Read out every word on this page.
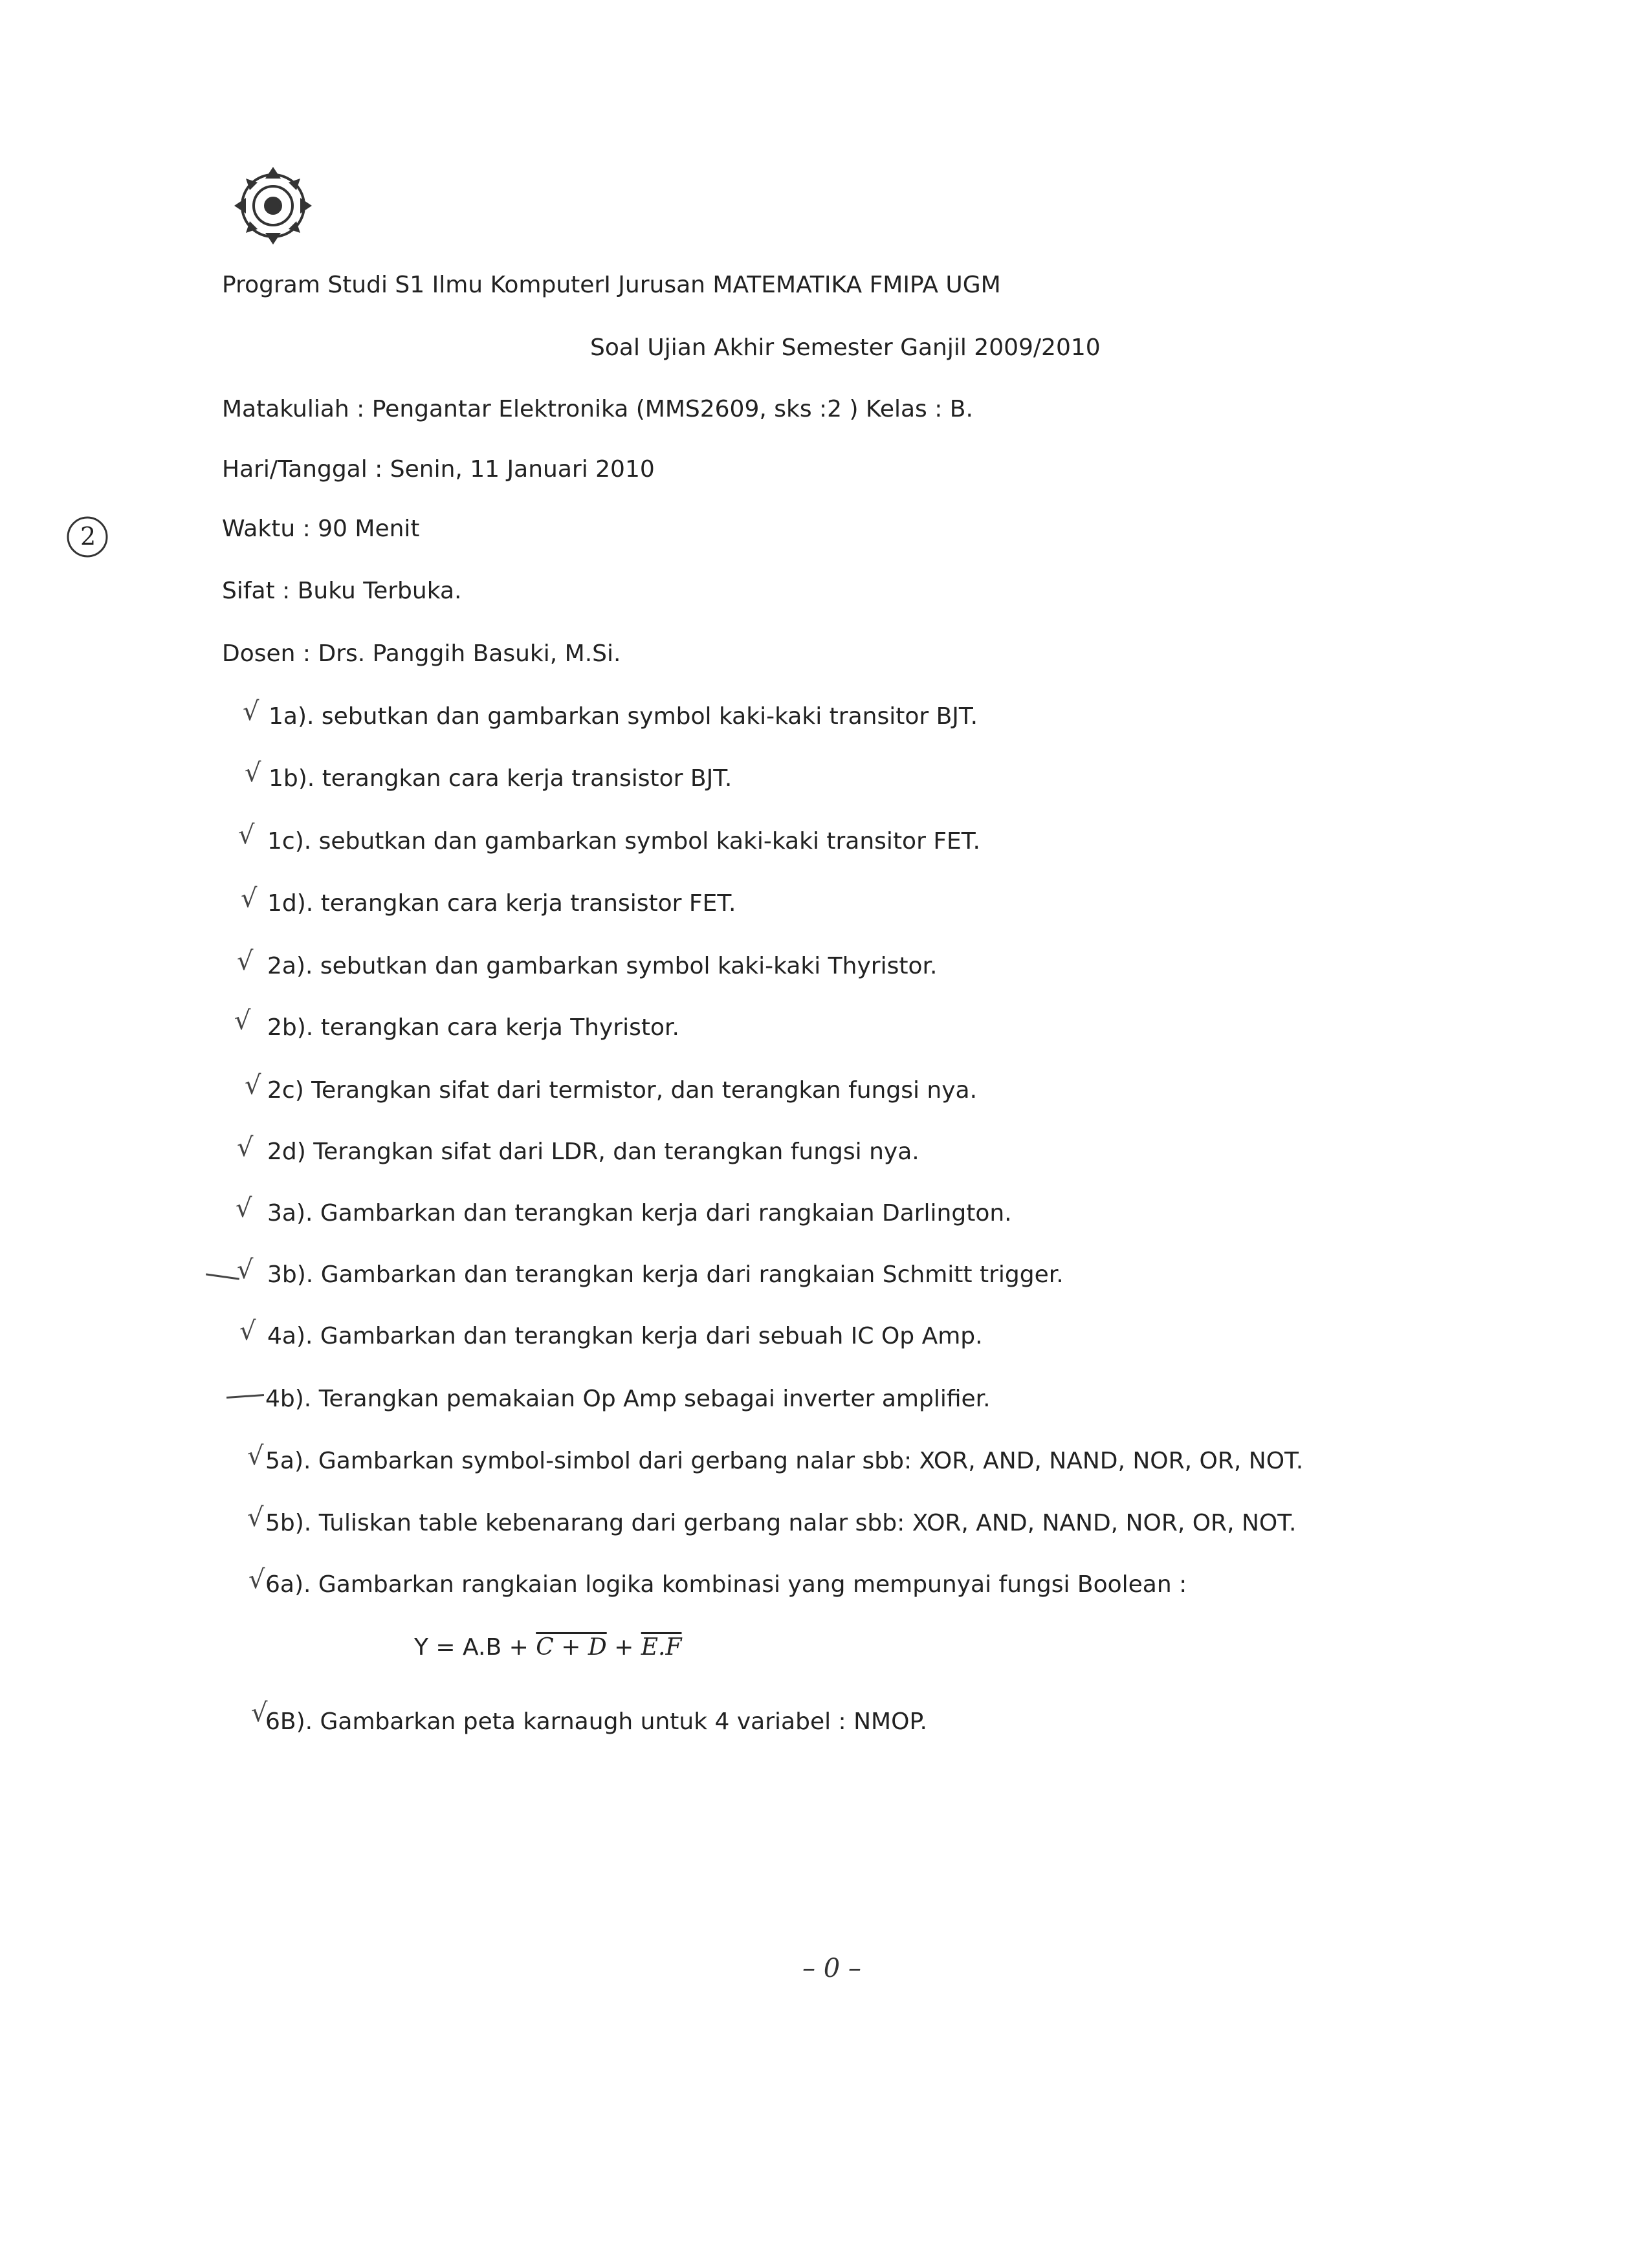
2
Program Studi S1 Ilmu KomputerI Jurusan MATEMATIKA FMIPA UGM
Soal Ujian Akhir Semester Ganjil 2009/2010
Matakuliah : Pengantar Elektronika (MMS2609, sks :2 ) Kelas : B.
Hari/Tanggal : Senin, 11 Januari 2010
Waktu : 90 Menit
Sifat : Buku Terbuka.
Dosen : Drs. Panggih Basuki, M.Si.
√ 1a). sebutkan dan gambarkan symbol kaki-kaki transitor BJT.
√ 1b). terangkan cara kerja transistor BJT.
√ 1c). sebutkan dan gambarkan symbol kaki-kaki transitor FET.
√ 1d). terangkan cara kerja transistor FET.
√ 2a). sebutkan dan gambarkan symbol kaki-kaki Thyristor.
√ 2b). terangkan cara kerja Thyristor.
√ 2c) Terangkan sifat dari termistor, dan terangkan fungsi nya.
√ 2d) Terangkan sifat dari LDR, dan terangkan fungsi nya.
√ 3a). Gambarkan dan terangkan kerja dari rangkaian Darlington.
√ 3b). Gambarkan dan terangkan kerja dari rangkaian Schmitt trigger.
√ 4a). Gambarkan dan terangkan kerja dari sebuah IC Op Amp.
4b). Terangkan pemakaian Op Amp sebagai inverter amplifier.
√ 5a). Gambarkan symbol-simbol dari gerbang nalar sbb: XOR, AND, NAND, NOR, OR, NOT.
√ 5b). Tuliskan table kebenarang dari gerbang nalar sbb: XOR, AND, NAND, NOR, OR, NOT.
√ 6a). Gambarkan rangkaian logika kombinasi yang mempunyai fungsi Boolean :
Y = A.B + C + D + E.F
√
6B). Gambarkan peta karnaugh untuk 4 variabel : NMOP.
– 0 –
